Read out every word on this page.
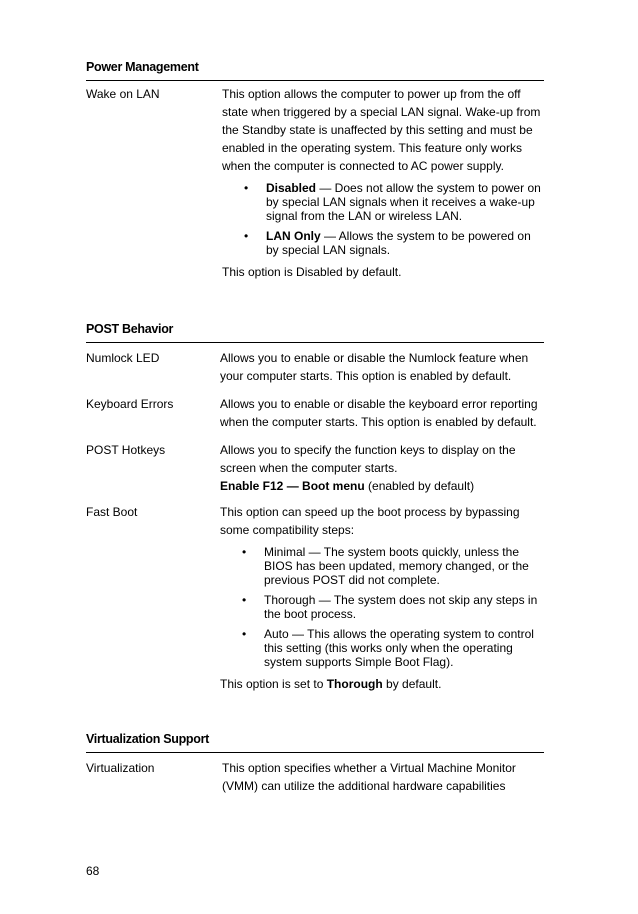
Power Management
Wake on LAN	This option allows the computer to power up from the off state when triggered by a special LAN signal. Wake-up from the Standby state is unaffected by this setting and must be enabled in the operating system. This feature only works when the computer is connected to AC power supply.

• Disabled — Does not allow the system to power on by special LAN signals when it receives a wake-up signal from the LAN or wireless LAN.
• LAN Only — Allows the system to be powered on by special LAN signals.

This option is Disabled by default.

POST Behavior
Numlock LED	Allows you to enable or disable the Numlock feature when your computer starts. This option is enabled by default.

Keyboard Errors	Allows you to enable or disable the keyboard error reporting when the computer starts. This option is enabled by default.

POST Hotkeys	Allows you to specify the function keys to display on the screen when the computer starts.

Enable F12 — Boot menu (enabled by default)

Fast Boot	This option can speed up the boot process by bypassing some compatibility steps:

• Minimal — The system boots quickly, unless the BIOS has been updated, memory changed, or the previous POST did not complete.
• Thorough — The system does not skip any steps in the boot process.
• Auto — This allows the operating system to control this setting (this works only when the operating system supports Simple Boot Flag).

This option is set to Thorough by default.

Virtualization Support
Virtualization	This option specifies whether a Virtual Machine Monitor (VMM) can utilize the additional hardware capabilities

68
